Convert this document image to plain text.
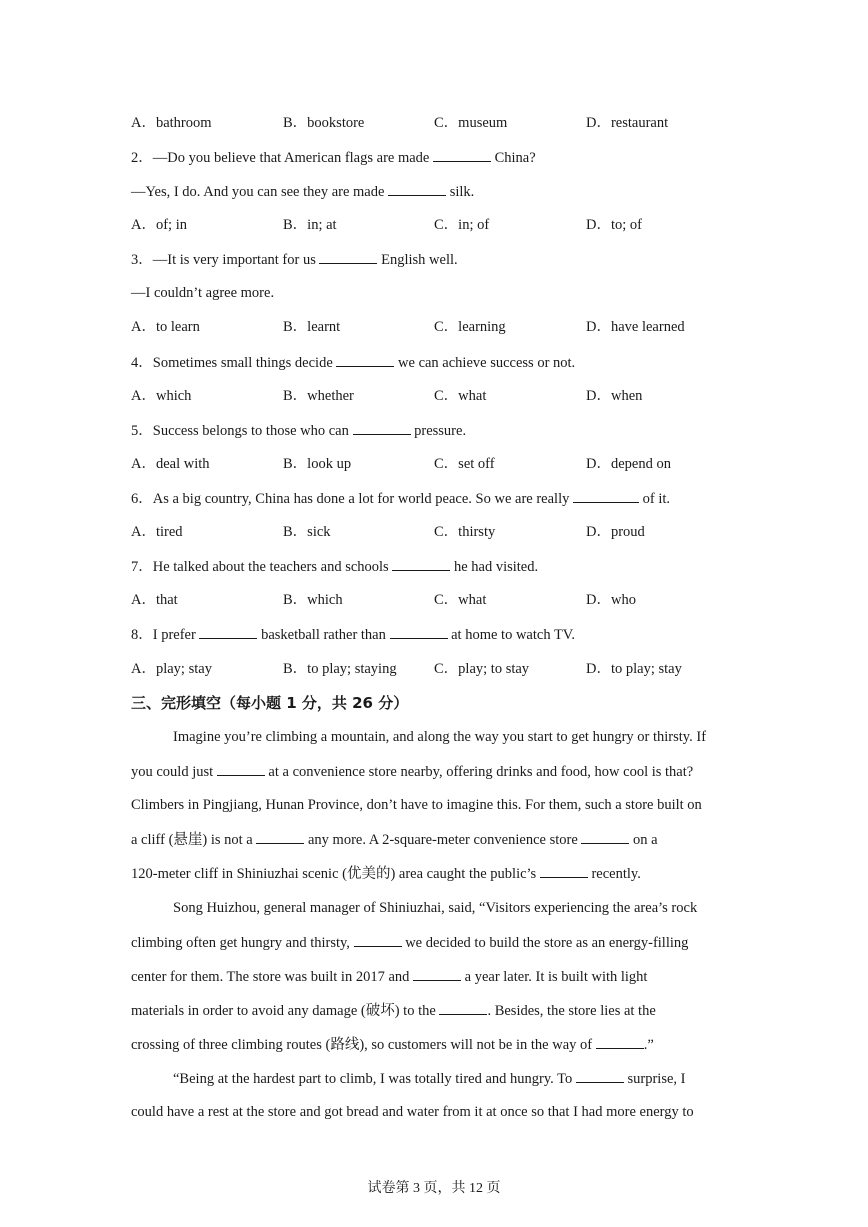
A．bathroom	B．bookstore	C．museum	D．restaurant
2．—Do you believe that American flags are made	China?
—Yes, I do. And you can see they are made	silk.
A．of; in	B．in; at	C．in; of	D．to; of
3．—It is very important for us	English well.
—I couldn’t agree more.
A．to learn	B．learnt	C．learning	D．have learned
4．Sometimes small things decide	we can achieve success or not.
A．which	B．whether	C．what	D．when
5．Success belongs to those who can	pressure.
A．deal with	B．look up	C．set off	D．depend on
6．As a big country, China has done a lot for world peace. So we are really	of it.
A．tired	B．sick	C．thirsty	D．proud
7．He talked about the teachers and schools	he had visited.
A．that	B．which	C．what	D．who
8．I prefer	basketball rather than	at home to watch TV.
A．play; stay	B．to play; staying	C．play; to stay	D．to play; stay
三、完形填空（每小题 1 分，共 26 分）
Imagine you’re climbing a mountain, and along the way you start to get hungry or thirsty. If
you could just	at a convenience store nearby, offering drinks and food, how cool is that?
Climbers in Pingjiang, Hunan Province, don’t have to imagine this. For them, such a store built on
a cliff (悬崖) is not a	any more. A 2-square-meter convenience store	on a
120-meter cliff in Shiniuzhai scenic (优美的) area caught the public’s	recently.
Song Huizhou, general manager of Shiniuzhai, said, “Visitors experiencing the area’s rock
climbing often get hungry and thirsty,	we decided to build the store as an energy-filling
center for them. The store was built in 2017 and	a year later. It is built with light
materials in order to avoid any damage (破坏) to the	. Besides, the store lies at the
crossing of three climbing routes (路线), so customers will not be in the way of	.”
“Being at the hardest part to climb, I was totally tired and hungry. To	surprise, I
could have a rest at the store and got bread and water from it at once so that I had more energy to
试卷第 3 页，共 12 页
